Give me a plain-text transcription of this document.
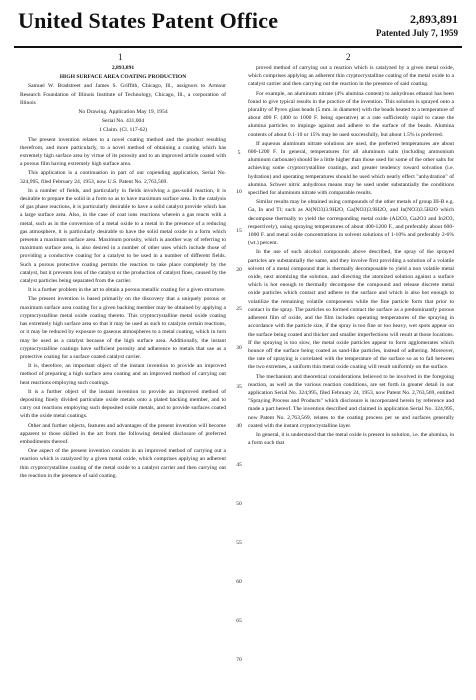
United States Patent Office	2,893,891
Patented July 7, 1959
1	2

2,893,891

HIGH SURFACE AREA COATING PRODUCTION

Samuel W. Bradstreet and James S. Griffith, Chicago, Ill., assignors to Armour Research Foundation of Illinois Institute of Technology, Chicago, Ill., a corporation of Illinois

No Drawing. Application May 19, 1954

Serial No. 431,004

1 Claim. (Cl. 117-62)

The present invention relates to a novel coating method and the product resulting therefrom, and more particularly, to a novel method of obtaining a coating which has extremely high surface area by virtue of its porosity and to an improved article coated with a porous film having extremely high surface area.

This application is a continuation in part of our copending application, Serial No. 324,995, filed February 24, 1953, now U.S. Patent No. 2,763,569.

In a number of fields, and particularly in fields involving a gas-solid reaction, it is desirable to prepare the solid in a form so as to have maximum surface area. In the catalysis of gas phase reactions, it is particularly desirable to have a solid catalyst provide which has a large surface area. Also, in the case of coat ions reactions wherein a gas reacts with a metal, such as in the conversion of a metal oxide to a metal in the presence of a reducing gas atmosphere, it is particularly desirable to have the solid metal oxide in a form which presents a maximum surface area. Maximum porosity, which is another way of referring to maximum surface area, is also desired in a number of other uses which include those of providing a conductive coating for a catalyst to be used in a number of different fields. Such a porous protective coating permits the reaction to take place completely by the catalyst, but it prevents loss of the catalyst or the production of catalyst fines, caused by the catalyst particles being separated from the carrier.

It is a further problem in the art to obtain a porous metallic coating for a given structure.

The present invention is based primarily on the discovery that a uniquely porous or maximum surface area coating for a given backing member may be obtained by applying a cryptocrystalline metal oxide coating thereto. This cryptocrystalline metal oxide coating has extremely high surface area so that it may be used as such to catalyze certain reactions, or it may be reduced by exposure to gaseous atmospheres to a metal coating, which in turn may be used as a catalyst because of the high surface area. Additionally, the instant cryptocrystalline coatings have sufficient porosity and adherence to metals that use as a protective coating for a surface coated catalyst carrier.

It is, therefore, an important object of the instant invention to provide an improved method of preparing a high surface area coating and an improved method of carrying out heat reactions employing such coatings.

It is a further object of the instant invention to provide an improved method of depositing finely divided particulate oxide metals onto a plated backing member, and to carry out reactions employing such deposited oxide metals, and to provide surfaces coated with the oxide metal coatings.

Other and further objects, features and advantages of the present invention will become apparent to those skilled in the art from the following detailed disclosure of preferred embodiments thereof.

One aspect of the present invention consists in an improved method of carrying out a reaction which is catalyzed by a given metal oxide, which comprises applying an adherent thin cryptocrystalline coating of the metal oxide to a catalyst carrier and then carrying out the reaction in the presence of said coating.

proved method of carrying out a reaction which is catalyzed by a given metal oxide, which comprises applying an adherent thin cryptocrystalline coating of the metal oxide to a catalyst carrier and then carrying out the reaction in the presence of said coating.

For example, an aluminum nitrate (4% alumina content) to anhydrous ethanol has been found to give typical results in the practice of the invention. This solution is sprayed onto a plurality of Pyrex glass beads (5 mm. in diameter) with the beads heated to a temperature of about 400 F. (400 to 1000 F. being operative) at a rate sufficiently rapid to cause the alumina particles to impinge against and adhere to the surface of the beads. Alumina contents of about 0.1-10 or 15% may be used successfully, but about 1.5% is preferred.

If aqueous aluminum nitrate solutions are used, the preferred temperatures are about 600-1200 F. In general, temperatures for all aluminum salts (including ammonium aluminum carbonate) should be a little higher than those used for some of the other salts for achieving some cryptocrystalline coatings, and greater tendency toward solvation (i.e. hydration) and operating temperatures should be used which nearly effect "anhydration" of alumina. Schwer nitric anhydrous means may be used under substantially the conditions specified for aluminum nitrate with comparable results.

Similar results may be obtained using compounds of the other metals of group III-B e.g. Ga, In and Tl; such as Al(NO3)3.9H2O, Ga(NO3)3.9H2O, and In(NO3)3.5H2O which decompose thermally to yield the corresponding metal oxide (Al2O3, Ga2O3 and In2O3, respectively), using spraying temperatures of about 400-1200 F., and preferably about 600-1000 F. and metal oxide concentrations in solvent solutions of 1-10% and preferably 2-6% (wt.) percent.

In the use of such alcohol compounds above described, the spray of the sprayed particles are substantially the same, and they involve first providing a solution of a volatile solvent of a metal compound that is thermally decomposable to yield a non volatile metal oxide, next atomizing the solution, and directing the atomized solution against a surface which is hot enough to thermally decompose the compound and release discrete metal oxide particles which contact and adhere to the surface and which is also hot enough to volatilize the remaining volatile components while the fine particle form that prior to contact in the spray. The particles so formed contact the surface as a predominantly porous adherent film of oxide, and the film includes operating temperatures of the spraying in accordance with the particle size, if the spray is too fine or too heavy, wet spots appear on the surface being coated and thicker and smaller imperfections will result at those locations. If the spraying is too slow, the metal oxide particles appear to form agglomerates which bounce off the surface being coated as sand-like particles, instead of adhering. Moreover, the rate of spraying is correlated with the temperature of the surface so as to fall between the two extremes, a uniform thin metal oxide coating will result uniformly on the surface.

The mechanism and theoretical considerations believed to be involved in the foregoing reaction, as well as the various reaction conditions, are set forth in greater detail in our application Serial No. 324,995, filed February 24, 1953, now Patent No. 2,763,569, entitled "Spraying Process and Products" which disclosure is incorporated herein by reference and made a part hereof. The invention described and claimed in application Serial No. 324,995, now Patent No. 2,763,569, relates to the coating process per se and surfaces generally coated with the instant cryptocrystalline layer.

In general, it is understood that the metal oxide is present in solution, i.e. the alumina, in a form such that

5
10
15
20
25
30
35
40
45
50
55
60
65
70
